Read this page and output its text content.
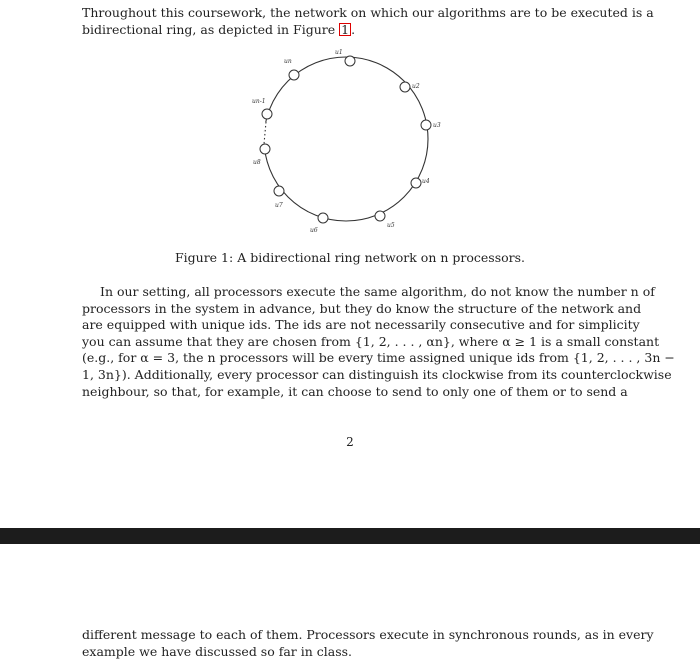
Throughout this coursework, the network on which our algorithms are to be executed is a
bidirectional ring, as depicted in Figure 1 .
u1
u2
u3
u4
u5
u6
u7
u8
un-1
un
Figure 1: A bidirectional ring network on n processors.
In our setting, all processors execute the same algorithm, do not know the number n of
processors in the system in advance, but they do know the structure of the network and
are equipped with unique ids. The ids are not necessarily consecutive and for simplicity
you can assume that they are chosen from {1, 2, . . . , αn}, where α ≥ 1 is a small constant
(e.g., for α = 3, the n processors will be every time assigned unique ids from {1, 2, . . . , 3n −
1, 3n}). Additionally, every processor can distinguish its clockwise from its counterclockwise
neighbour, so that, for example, it can choose to send to only one of them or to send a
2
different message to each of them. Processors execute in synchronous rounds, as in every
example we have discussed so far in class.
